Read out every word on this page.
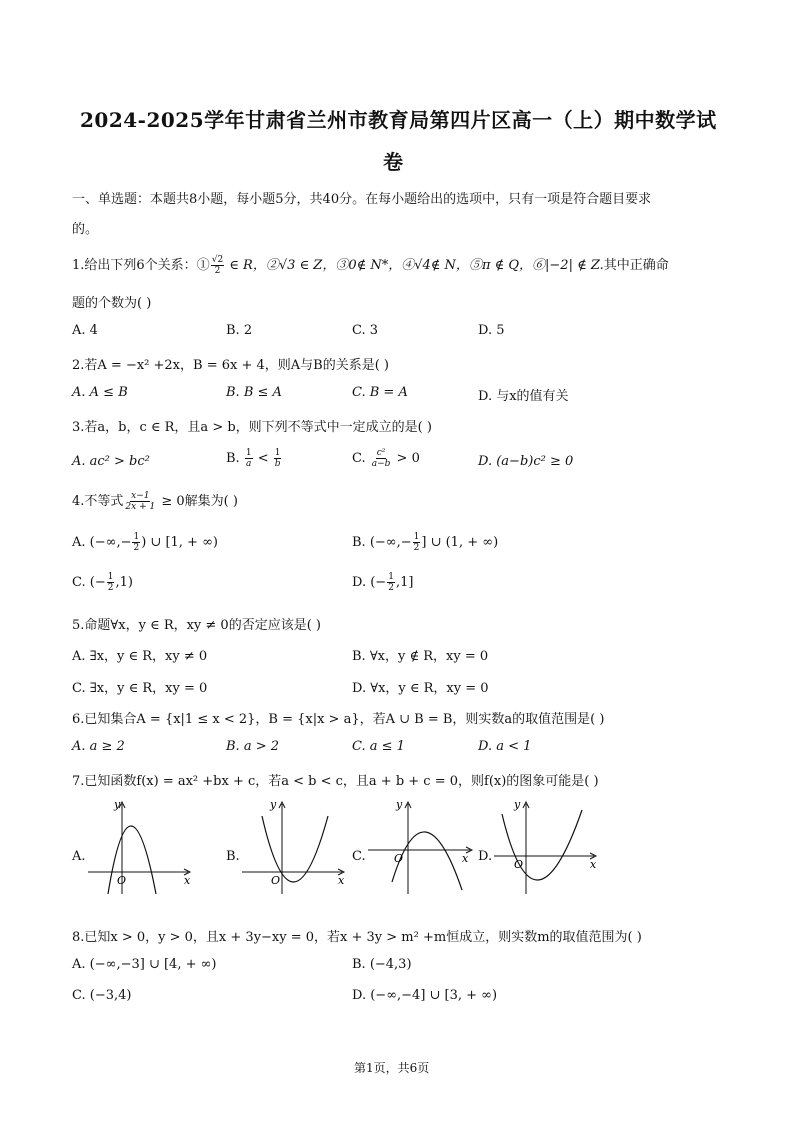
2024-2025学年甘肃省兰州市教育局第四片区高一（上）期中数学试
卷
一、单选题：本题共8小题，每小题5分，共40分。在每小题给出的选项中，只有一项是符合题目要求
的。
1.给出下列6个关系：① $\frac{√2}{2}$ ∈ R，②√3 ∈ Z，③0∉ N*，④√4∉ N，⑤π ∉ Q，⑥|−2| ∉ Z.其中正确命
题的个数为( )
A. 4	B. 2	C. 3	D. 5
2.若A = −x² +2x，B = 6x + 4，则A与B的关系是( )
A. A ≤ B	B. B ≤ A	C. B = A	D. 与x的值有关
3.若a，b，c ∈ R，且a > b，则下列不等式中一定成立的是( )
A. ac² > bc²	B. $\frac{1}{a} < \frac{1}{b}$	C. $\frac{\text{c²}}{a-b} > 0$	D. (a−b)c² ≥ 0
4.不等式 $\frac{x-1}{2x + 1} \ge 0$解集为( )
A. (−∞,− $\frac{1}{2}$ ) ∪ [1, + ∞)	B. (−∞,− $\frac{1}{2}$ ] ∪ (1, + ∞)
C. (− $\frac{1}{2} ,1$)	D. (− $\frac{1}{2} ,1$]
5.命题∀x，y ∈ R，xy ≠ 0的否定应该是( )
A. ∃x，y ∈ R，xy ≠ 0	B. ∀x，y ∉ R，xy = 0
C. ∃x，y ∈ R，xy = 0	D. ∀x，y ∈ R，xy = 0
6.已知集合A = {x|1 ≤ x < 2}，B = {x|x > a}，若A ∪ B = B，则实数a的取值范围是( )
A. a ≥ 2	B. a > 2	C. a ≤ 1	D. a < 1
7.已知函数f(x) = ax² +bx + c，若a < b < c，且a + b + c = 0，则f(x)的图象可能是( )
A.
x
y
O
B.
x
y
O
C.	x
y
O	D.
x
y
O
8.已知x > 0，y > 0，且x + 3y−xy = 0，若x + 3y > m² +m恒成立，则实数m的取值范围为( )
A. (−∞,−3] ∪ [4, + ∞)	B. (−4,3)
C. (−3,4)	D. (−∞,−4] ∪ [3, + ∞)
第1页，共6页
